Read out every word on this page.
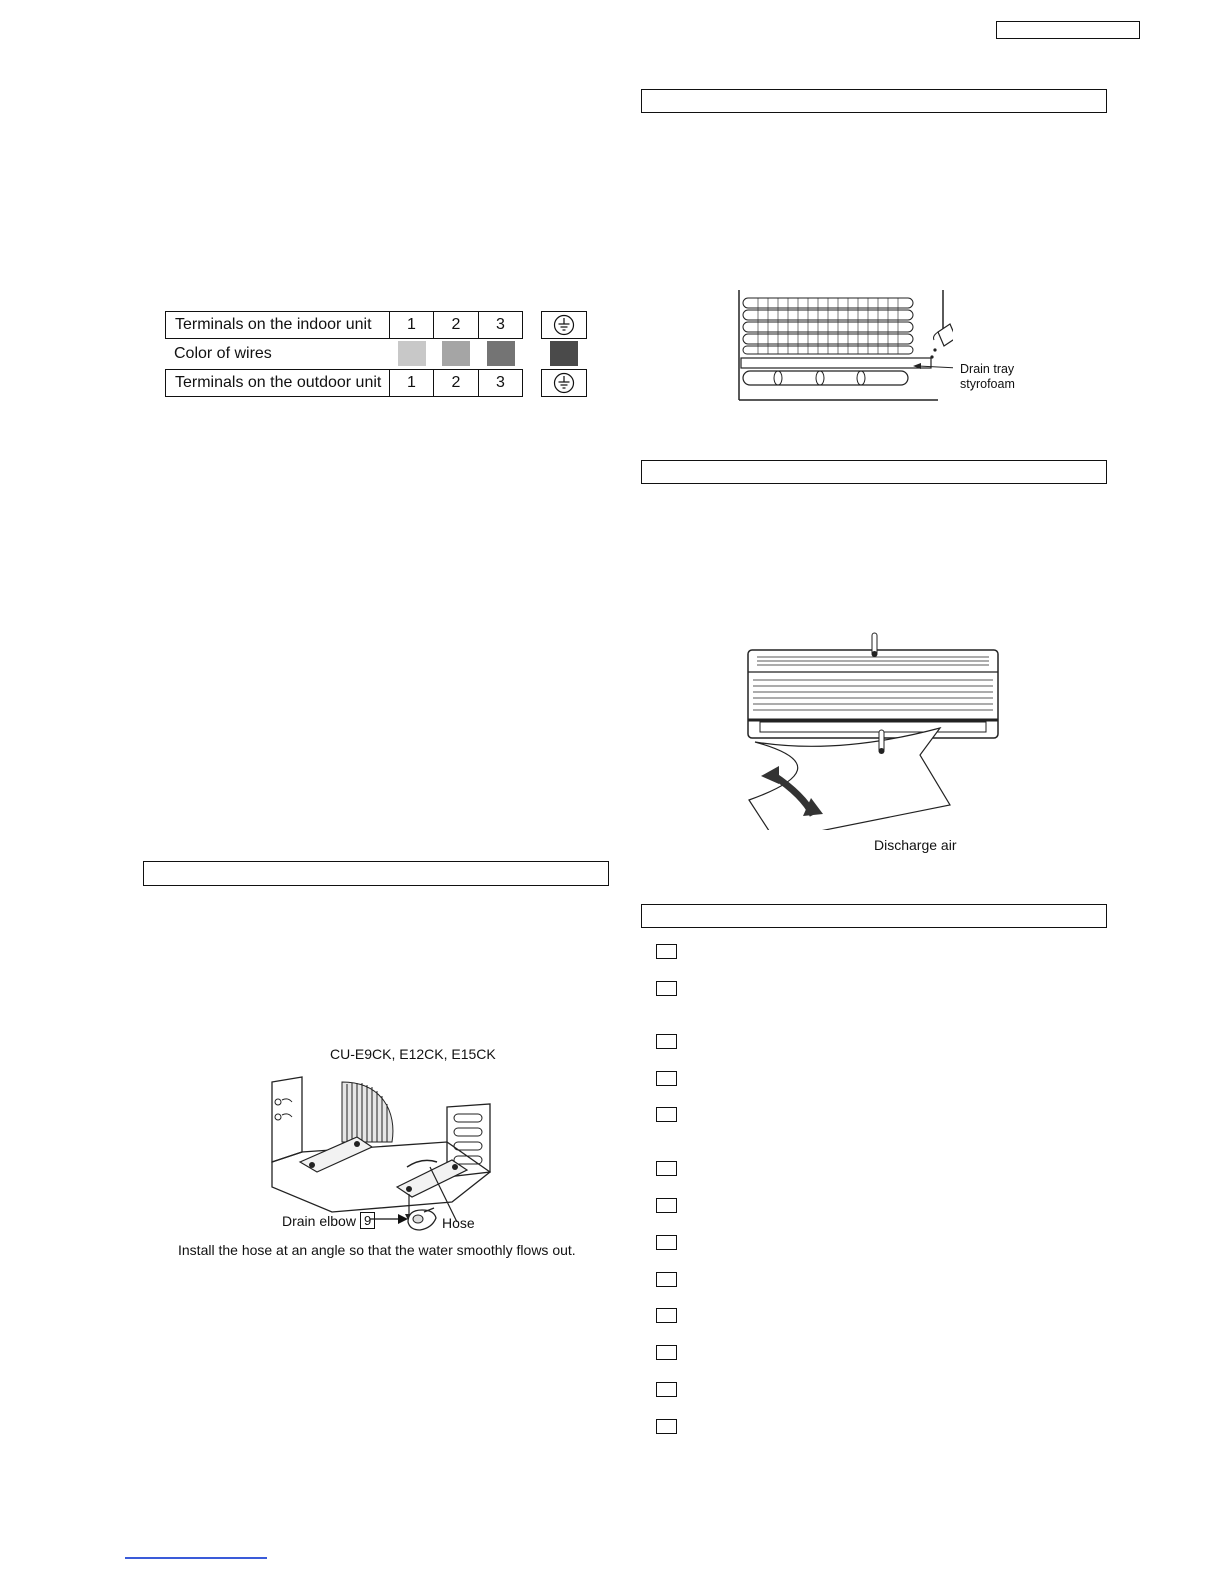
Terminals on the indoor unit 1 2 3
Color of wires
Terminals on the outdoor unit 1 2 3
CU-E9CK, E12CK, E15CK
Drain elbow 9	Hose
Install the hose at an angle so that the water smoothly flows out.
Drain tray
styrofoam
Discharge air
